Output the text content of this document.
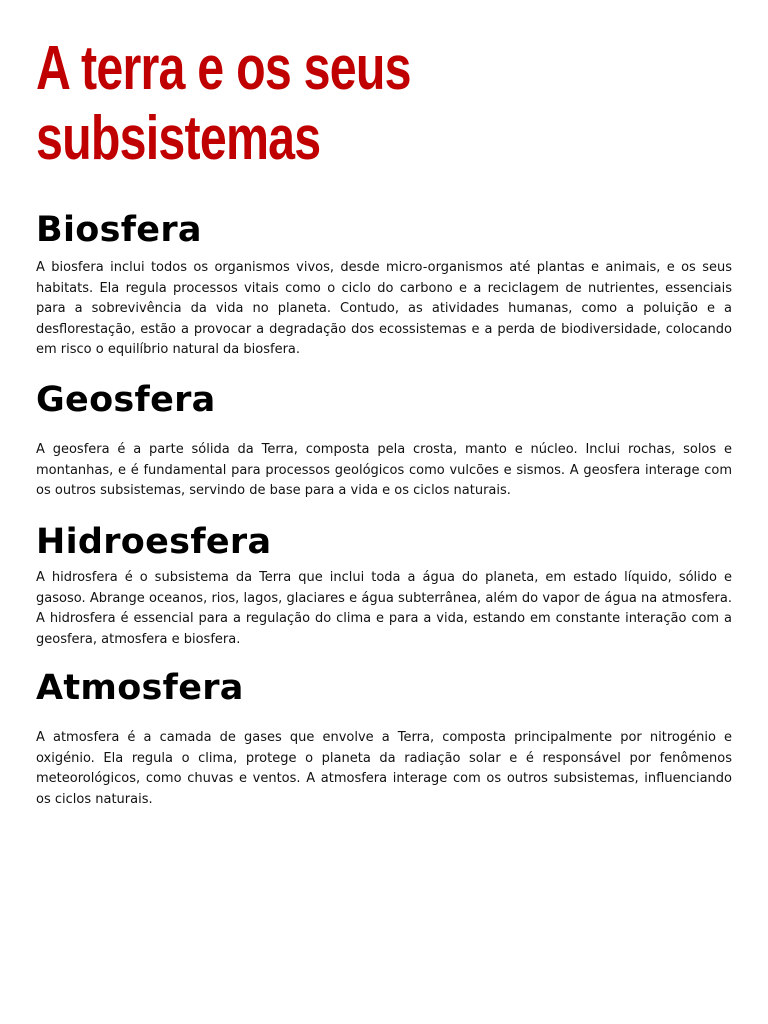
A terra e os seus
subsistemas
Biosfera

A biosfera inclui todos os organismos vivos, desde micro-organismos até plantas e animais, e os seus habitats. Ela regula processos vitais como o ciclo do carbono e a reciclagem de nutrientes, essenciais para a sobrevivência da vida no planeta. Contudo, as atividades humanas, como a poluição e a desflorestação, estão a provocar a degradação dos ecossistemas e a perda de biodiversidade, colocando em risco o equilíbrio natural da biosfera.

Geosfera

A geosfera é a parte sólida da Terra, composta pela crosta, manto e núcleo. Inclui rochas, solos e montanhas, e é fundamental para processos geológicos como vulcões e sismos. A geosfera interage com os outros subsistemas, servindo de base para a vida e os ciclos naturais.

Hidroesfera

A hidrosfera é o subsistema da Terra que inclui toda a água do planeta, em estado líquido, sólido e gasoso. Abrange oceanos, rios, lagos, glaciares e água subterrânea, além do vapor de água na atmosfera. A hidrosfera é essencial para a regulação do clima e para a vida, estando em constante interação com a geosfera, atmosfera e biosfera.

Atmosfera

A atmosfera é a camada de gases que envolve a Terra, composta principalmente por nitrogénio e oxigénio. Ela regula o clima, protege o planeta da radiação solar e é responsável por fenômenos meteorológicos, como chuvas e ventos. A atmosfera interage com os outros subsistemas, influenciando os ciclos naturais.
